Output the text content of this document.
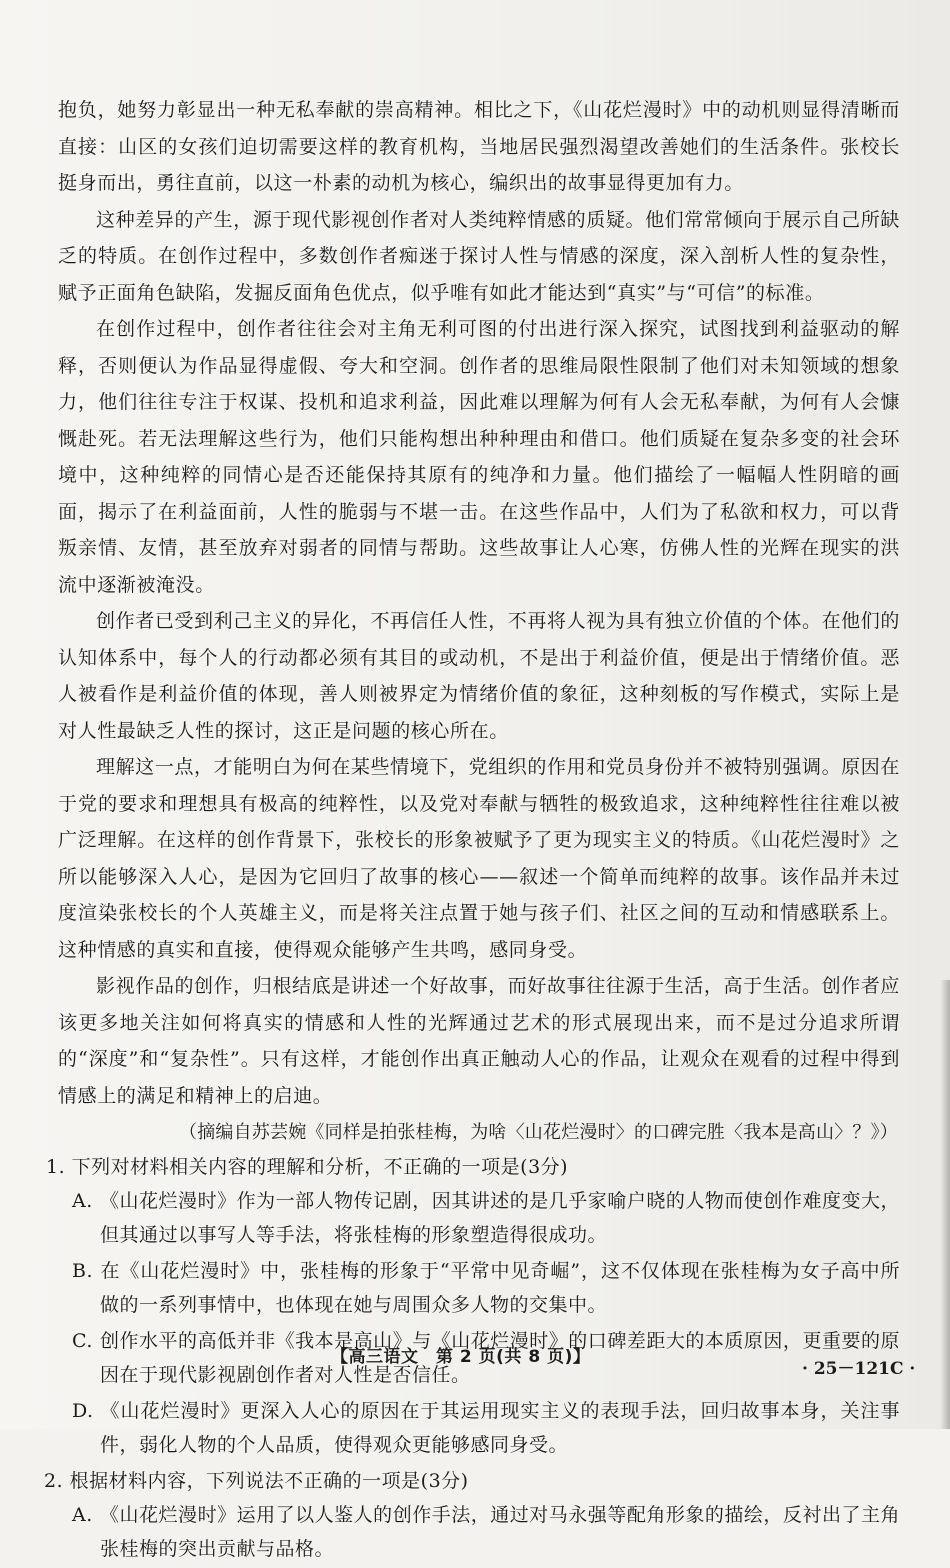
抱负，她努力彰显出一种无私奉献的崇高精神。相比之下，《山花烂漫时》中的动机则显得清晰而直接：山区的女孩们迫切需要这样的教育机构，当地居民强烈渴望改善她们的生活条件。张校长挺身而出，勇往直前，以这一朴素的动机为核心，编织出的故事显得更加有力。

这种差异的产生，源于现代影视创作者对人类纯粹情感的质疑。他们常常倾向于展示自己所缺乏的特质。在创作过程中，多数创作者痴迷于探讨人性与情感的深度，深入剖析人性的复杂性，赋予正面角色缺陷，发掘反面角色优点，似乎唯有如此才能达到“真实”与“可信”的标准。

在创作过程中，创作者往往会对主角无利可图的付出进行深入探究，试图找到利益驱动的解释，否则便认为作品显得虚假、夸大和空洞。创作者的思维局限性限制了他们对未知领域的想象力，他们往往专注于权谋、投机和追求利益，因此难以理解为何有人会无私奉献，为何有人会慷慨赴死。若无法理解这些行为，他们只能构想出种种理由和借口。他们质疑在复杂多变的社会环境中，这种纯粹的同情心是否还能保持其原有的纯净和力量。他们描绘了一幅幅人性阴暗的画面，揭示了在利益面前，人性的脆弱与不堪一击。在这些作品中，人们为了私欲和权力，可以背叛亲情、友情，甚至放弃对弱者的同情与帮助。这些故事让人心寒，仿佛人性的光辉在现实的洪流中逐渐被淹没。

创作者已受到利己主义的异化，不再信任人性，不再将人视为具有独立价值的个体。在他们的认知体系中，每个人的行动都必须有其目的或动机，不是出于利益价值，便是出于情绪价值。恶人被看作是利益价值的体现，善人则被界定为情绪价值的象征，这种刻板的写作模式，实际上是对人性最缺乏人性的探讨，这正是问题的核心所在。

理解这一点，才能明白为何在某些情境下，党组织的作用和党员身份并不被特别强调。原因在于党的要求和理想具有极高的纯粹性，以及党对奉献与牺牲的极致追求，这种纯粹性往往难以被广泛理解。在这样的创作背景下，张校长的形象被赋予了更为现实主义的特质。《山花烂漫时》之所以能够深入人心，是因为它回归了故事的核心——叙述一个简单而纯粹的故事。该作品并未过度渲染张校长的个人英雄主义，而是将关注点置于她与孩子们、社区之间的互动和情感联系上。这种情感的真实和直接，使得观众能够产生共鸣，感同身受。

影视作品的创作，归根结底是讲述一个好故事，而好故事往往源于生活，高于生活。创作者应该更多地关注如何将真实的情感和人性的光辉通过艺术的形式展现出来，而不是过分追求所谓的“深度”和“复杂性”。只有这样，才能创作出真正触动人心的作品，让观众在观看的过程中得到情感上的满足和精神上的启迪。

（摘编自苏芸婉《同样是拍张桂梅，为啥〈山花烂漫时〉的口碑完胜〈我本是高山〉？》）

1. 下列对材料相关内容的理解和分析，不正确的一项是(3分)

A. 《山花烂漫时》作为一部人物传记剧，因其讲述的是几乎家喻户晓的人物而使创作难度变大，但其通过以事写人等手法，将张桂梅的形象塑造得很成功。

B. 在《山花烂漫时》中，张桂梅的形象于“平常中见奇崛”，这不仅体现在张桂梅为女子高中所做的一系列事情中，也体现在她与周围众多人物的交集中。

C. 创作水平的高低并非《我本是高山》与《山花烂漫时》的口碑差距大的本质原因，更重要的原因在于现代影视剧创作者对人性是否信任。

D. 《山花烂漫时》更深入人心的原因在于其运用现实主义的表现手法，回归故事本身，关注事件，弱化人物的个人品质，使得观众更能够感同身受。

2. 根据材料内容，下列说法不正确的一项是(3分)

A. 《山花烂漫时》运用了以人鉴人的创作手法，通过对马永强等配角形象的描绘，反衬出了主角张桂梅的突出贡献与品格。

【高三语文　第 2 页(共 8 页)】
· 25－121C ·
